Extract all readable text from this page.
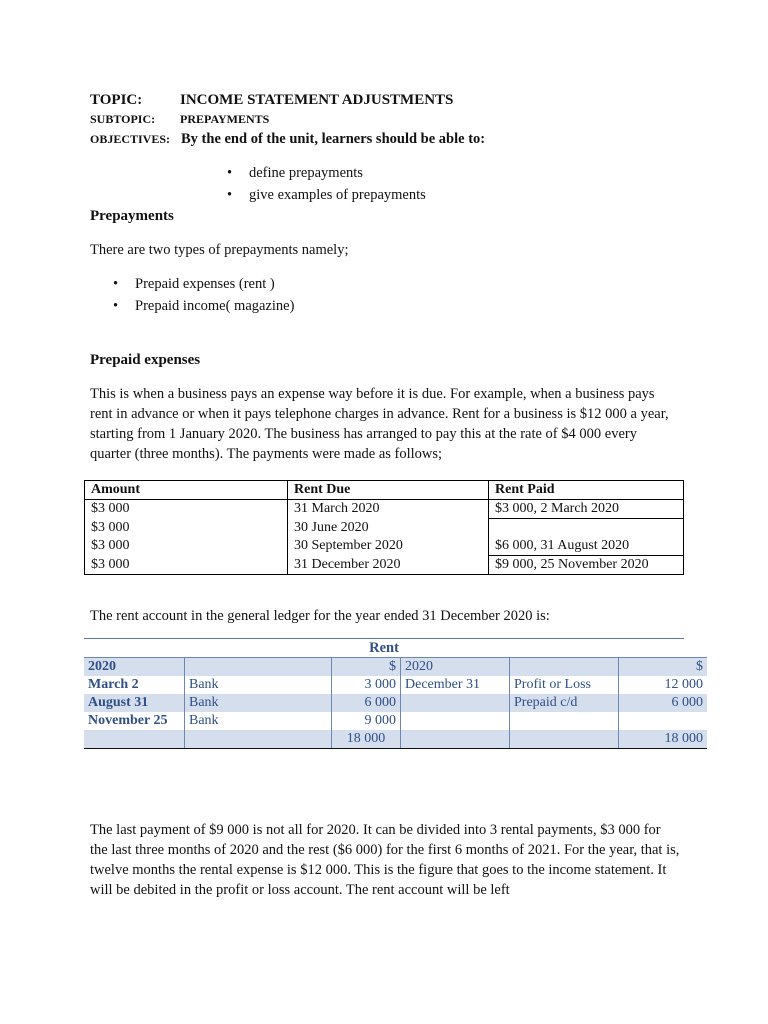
TOPIC:	INCOME STATEMENT ADJUSTMENTS
SUBTOPIC: PREPAYMENTS
OBJECTIVES: By the end of the unit, learners should be able to:
• define prepayments
• give examples of prepayments
Prepayments
There are two types of prepayments namely;
• Prepaid expenses (rent )
• Prepaid income( magazine)
Prepaid expenses
This is when a business pays an expense way before it is due. For example, when a business pays rent in advance or when it pays telephone charges in advance. Rent for a business is $12 000 a year, starting from 1 January 2020. The business has arranged to pay this at the rate of $4 000 every quarter (three months). The payments were made as follows;
Amount	Rent Due	Rent Paid
$3 000	31 March 2020	$3 000, 2 March 2020
$3 000	30 June 2020	
$3 000	30 September 2020	$6 000, 31 August 2020
$3 000	31 December 2020	$9 000, 25 November 2020
The rent account in the general ledger for the year ended 31 December 2020 is:
Rent
2020		$	2020		$
March 2	Bank	3 000	December 31	Profit or Loss	12 000
August 31	Bank	6 000		Prepaid c/d	6 000
November 25	Bank	9 000			
		18 000			18 000
The last payment of $9 000 is not all for 2020. It can be divided into 3 rental payments, $3 000 for the last three months of 2020 and the rest ($6 000) for the first 6 months of 2021. For the year, that is, twelve months the rental expense is $12 000. This is the figure that goes to the income statement. It will be debited in the profit or loss account. The rent account will be left
